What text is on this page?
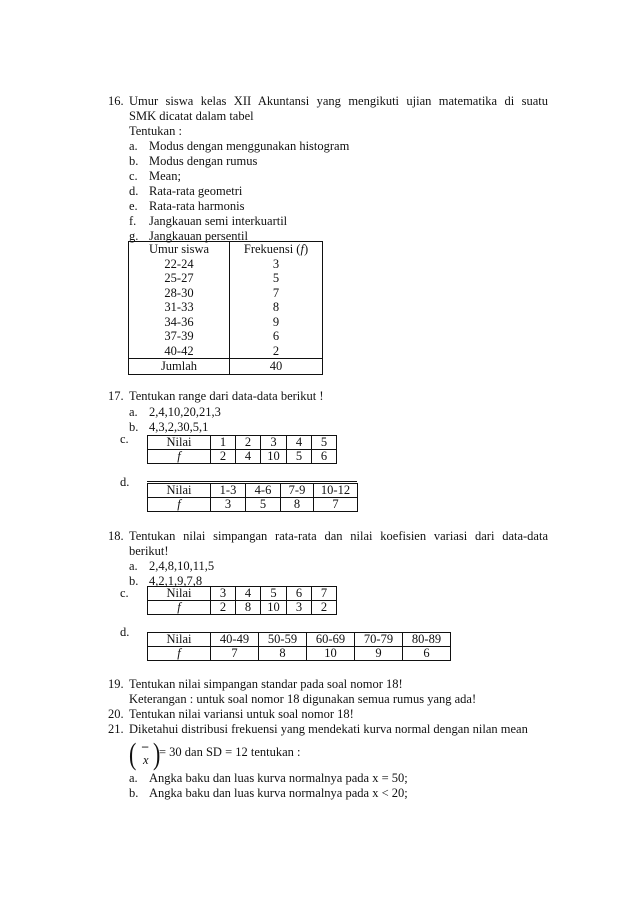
16. Umur siswa kelas XII Akuntansi yang mengikuti ujian matematika di suatu
SMK dicatat dalam tabel
Tentukan :
a. Modus dengan menggunakan histogram
b. Modus dengan rumus
c. Mean;
d. Rata-rata geometri
e. Rata-rata harmonis
f. Jangkauan semi interkuartil
g. Jangkauan persentil
Umur siswa	Frekuensi (f)
22-24	3
25-27	5
28-30	7
31-33	8
34-36	9
37-39	6
40-42	2
Jumlah	40
17. Tentukan range dari data-data berikut !
a. 2,4,10,20,21,3
b. 4,3,2,30,5,1
c.	Nilai	1	2	3	4	5
f	2	4	10	5	6
d.
Nilai	1-3	4-6	7-9	10-12
f	3	5	8	7
18. Tentukan nilai simpangan rata-rata dan nilai koefisien variasi dari data-data
berikut!
a. 2,4,8,10,11,5
b. 4,2,1,9,7,8
c.	Nilai	3	4	5	6	7
f	2	8	10	3	2
d.	Nilai	40-49	50-59	60-69	70-79	80-89
f	7	8	10	9	6
19. Tentukan nilai simpangan standar pada soal nomor 18!
Keterangan : untuk soal nomor 18 digunakan semua rumus yang ada!
20. Tentukan nilai variansi untuk soal nomor 18!
21. Diketahui distribusi frekuensi yang mendekati kurva normal dengan nilan mean
( –
x )
= 30 dan SD = 12 tentukan :
a. Angka baku dan luas kurva normalnya pada x = 50;
b. Angka baku dan luas kurva normalnya pada x < 20;
